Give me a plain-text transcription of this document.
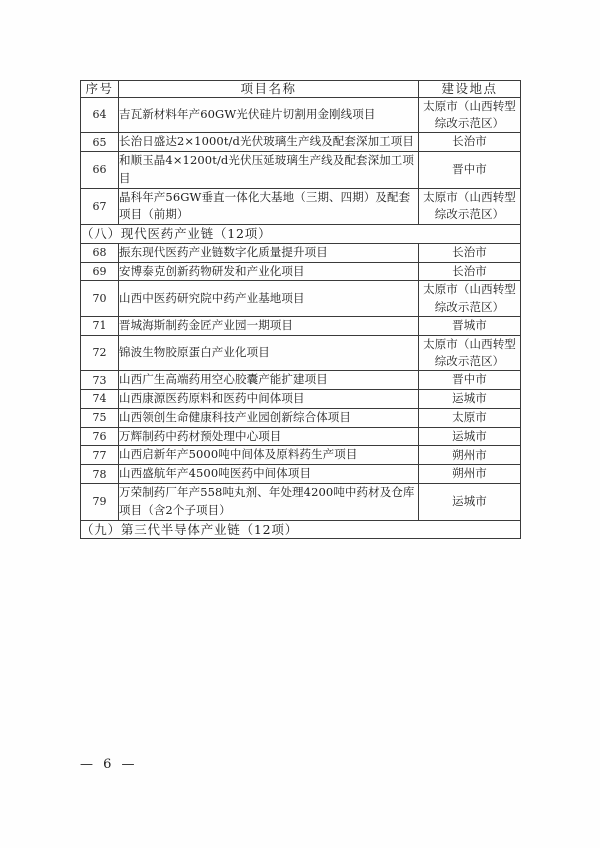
序号	项目名称	建设地点
64	吉瓦新材料年产60GW光伏硅片切割用金刚线项目	太原市（山西转型综改示范区）
65	长治日盛达2×1000t/d光伏玻璃生产线及配套深加工项目	长治市
66	和顺玉晶4×1200t/d光伏压延玻璃生产线及配套深加工项目	晋中市
67	晶科年产56GW垂直一体化大基地（三期、四期）及配套项目（前期）	太原市（山西转型综改示范区）
（八）现代医药产业链（12项）		
68	振东现代医药产业链数字化质量提升项目	长治市
69	安博泰克创新药物研发和产业化项目	长治市
70	山西中医药研究院中药产业基地项目	太原市（山西转型综改示范区）
71	晋城海斯制药金匠产业园一期项目	晋城市
72	锦波生物胶原蛋白产业化项目	太原市（山西转型综改示范区）
73	山西广生高端药用空心胶囊产能扩建项目	晋中市
74	山西康源医药原料和医药中间体项目	运城市
75	山西领创生命健康科技产业园创新综合体项目	太原市
76	万辉制药中药材预处理中心项目	运城市
77	山西启新年产5000吨中间体及原料药生产项目	朔州市
78	山西盛航年产4500吨医药中间体项目	朔州市
79	万荣制药厂年产558吨丸剂、年处理4200吨中药材及仓库项目（含2个子项目）	运城市
（九）第三代半导体产业链（12项）		
— 6 —
